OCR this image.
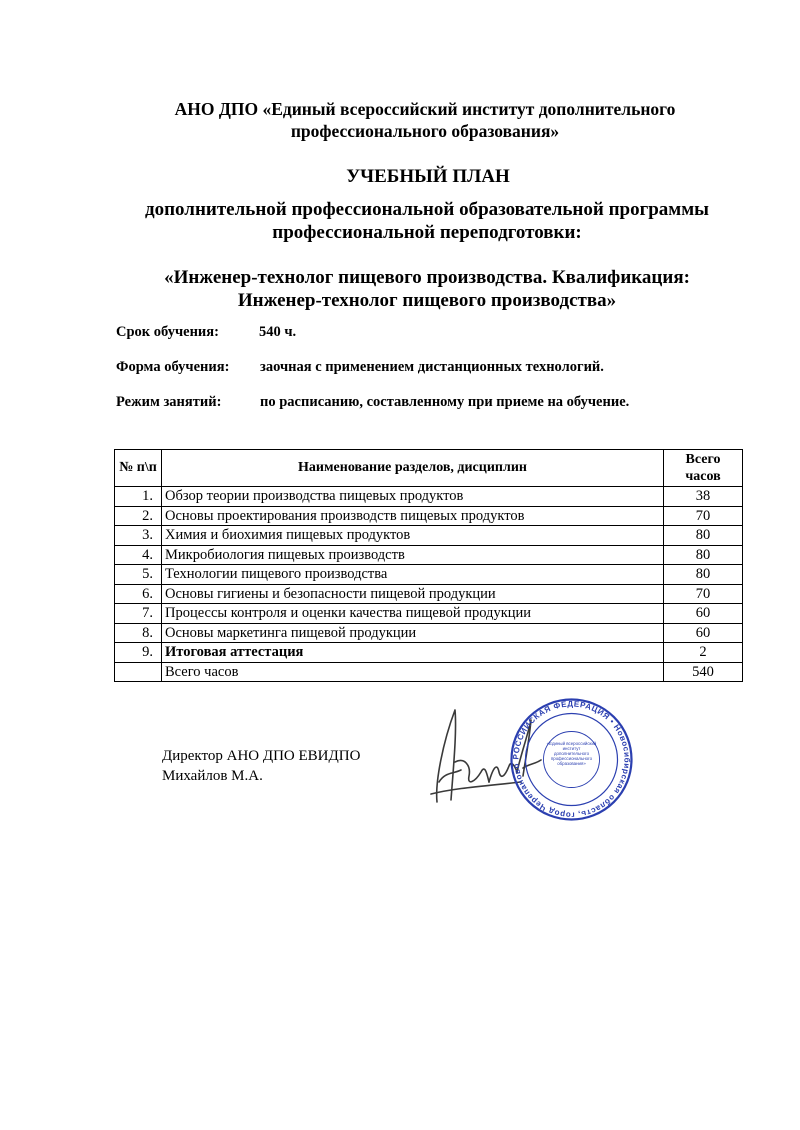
АНО ДПО «Единый всероссийский институт дополнительного профессионального образования»
УЧЕБНЫЙ ПЛАН
дополнительной профессиональной образовательной программы профессиональной переподготовки:
«Инженер-технолог пищевого производства. Квалификация: Инженер-технолог пищевого производства»
Срок обучения:	540 ч.
Форма обучения: заочная с применением дистанционных технологий.
Режим занятий:	по расписанию, составленному при приеме на обучение.
№ п\п	Наименование разделов, дисциплин	Всего часов
1.	Обзор теории производства пищевых продуктов	38
2.	Основы проектирования производств пищевых продуктов	70
3.	Химия и биохимия пищевых продуктов	80
4.	Микробиология пищевых производств	80
5.	Технологии пищевого производства	80
6.	Основы гигиены и безопасности пищевой продукции	70
7.	Процессы контроля и оценки качества пищевой продукции	60
8.	Основы маркетинга пищевой продукции	60
9.	Итоговая аттестация	2
	Всего часов	540
Директор АНО ДПО ЕВИДПО
Михайлов М.А.
РОССИЙСКАЯ ФЕДЕРАЦИЯ • Новосибирская область, город Черепаново
«Единый всероссийский институт дополнительного профессионального образования»
